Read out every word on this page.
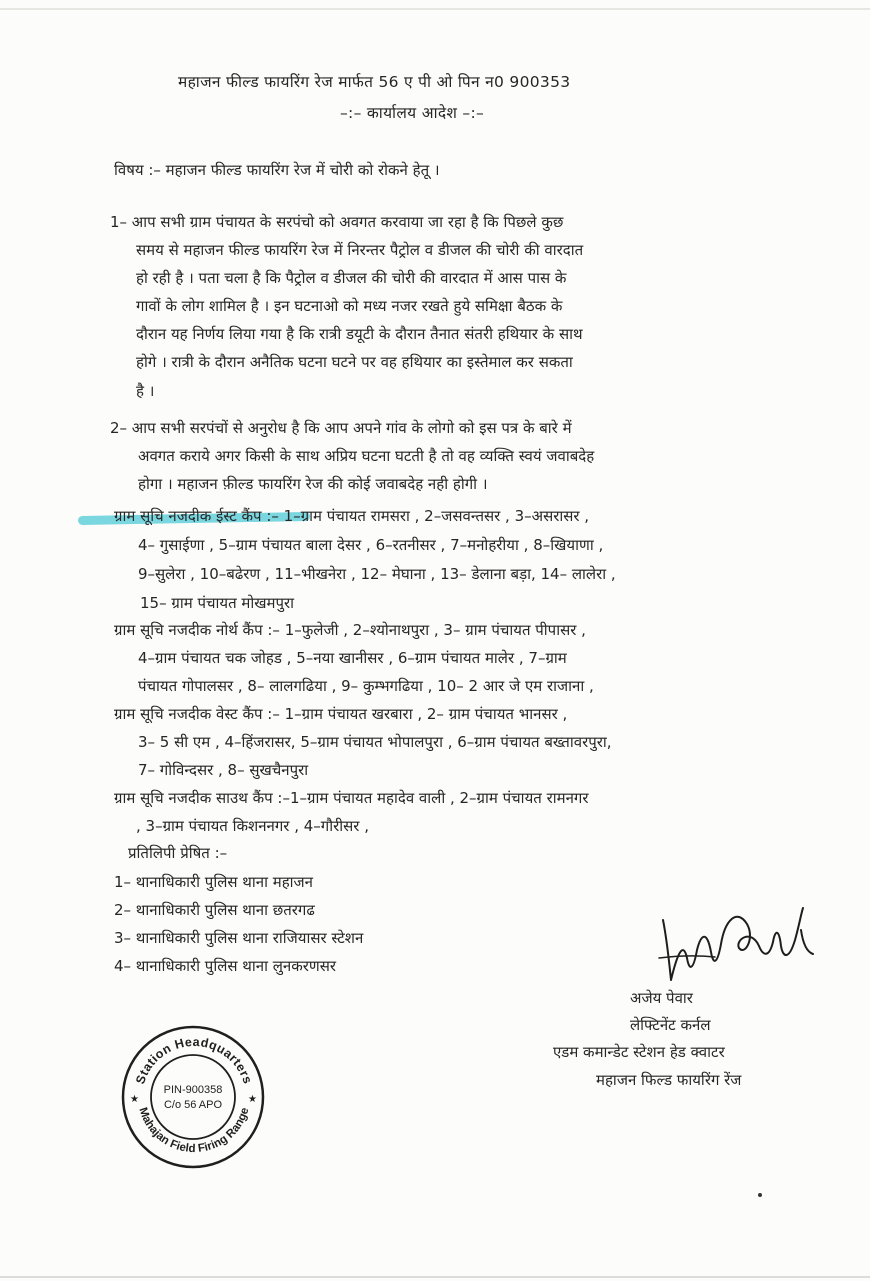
महाजन फील्ड फायरिंग रेज मार्फत 56 ए पी ओ पिन न0 900353
–:– कार्यालय आदेश –:–
विषय :– महाजन फील्ड फायरिंग रेज में चोरी को रोकने हेतू ।
1– आप सभी ग्राम पंचायत के सरपंचो को अवगत करवाया जा रहा है कि पिछले कुछ
समय से महाजन फील्ड फायरिंग रेज में निरन्तर पैट्रोल व डीजल की चोरी की वारदात
हो रही है । पता चला है कि पैट्रोल व डीजल की चोरी की वारदात में आस पास के
गावों के लोग शामिल है । इन घटनाओ को मध्य नजर रखते हुये समिक्षा बैठक के
दौरान यह निर्णय लिया गया है कि रात्री डयूटी के दौरान तैनात संतरी हथियार के साथ
होगे । रात्री के दौरान अनैतिक घटना घटने पर वह हथियार का इस्तेमाल कर सकता
है ।
2– आप सभी सरपंचों से अनुरोध है कि आप अपने गांव के लोगो को इस पत्र के बारे में
अवगत कराये अगर किसी के साथ अप्रिय घटना घटती है तो वह व्यक्ति स्वयं जवाबदेह
होगा । महाजन फ़ील्ड फायरिंग रेज की कोई जवाबदेह नही होगी ।
ग्राम सूचि नजदीक ईस्ट कैंप :– 1–ग्राम पंचायत रामसरा , 2–जसवन्तसर , 3–असरासर ,
4– गुसाईणा , 5–ग्राम पंचायत बाला देसर , 6–रतनीसर , 7–मनोहरीया , 8–खियाणा ,
9–सुलेरा , 10–बढेरण , 11–भीखनेरा , 12– मेघाना , 13– डेलाना बड़ा, 14– लालेरा ,
15– ग्राम पंचायत मोखमपुरा
ग्राम सूचि नजदीक नोर्थ कैंप :– 1–फुलेजी , 2–श्योनाथपुरा , 3– ग्राम पंचायत पीपासर ,
4–ग्राम पंचायत चक जोहड , 5–नया खानीसर , 6–ग्राम पंचायत मालेर , 7–ग्राम
पंचायत गोपालसर , 8– लालगढिया , 9– कुम्भगढिया , 10– 2 आर जे एम राजाना ,
ग्राम सूचि नजदीक वेस्ट कैंप :– 1–ग्राम पंचायत खरबारा , 2– ग्राम पंचायत भानसर ,
3– 5 सी एम , 4–हिंजरासर, 5–ग्राम पंचायत भोपालपुरा , 6–ग्राम पंचायत बख्तावरपुरा,
7– गोविन्दसर , 8– सुखचैनपुरा
ग्राम सूचि नजदीक साउथ कैंप :–1–ग्राम पंचायत महादेव वाली , 2–ग्राम पंचायत रामनगर
, 3–ग्राम पंचायत किशननगर , 4–गौरीसर ,
प्रतिलिपी प्रेषित :–
1– थानाधिकारी पुलिस थाना महाजन
2– थानाधिकारी पुलिस थाना छतरगढ
3– थानाधिकारी पुलिस थाना राजियासर स्टेशन
4– थानाधिकारी पुलिस थाना लुनकरणसर
अजेय पेवार
लेफ्टिनेंट कर्नल
एडम कमान्डेट स्टेशन हेड क्वाटर
महाजन फिल्ड फायरिंग रेंज
Station Headquarters
Mahajan Field Firing Range
★	★
PIN-900358
C/o 56 APO
